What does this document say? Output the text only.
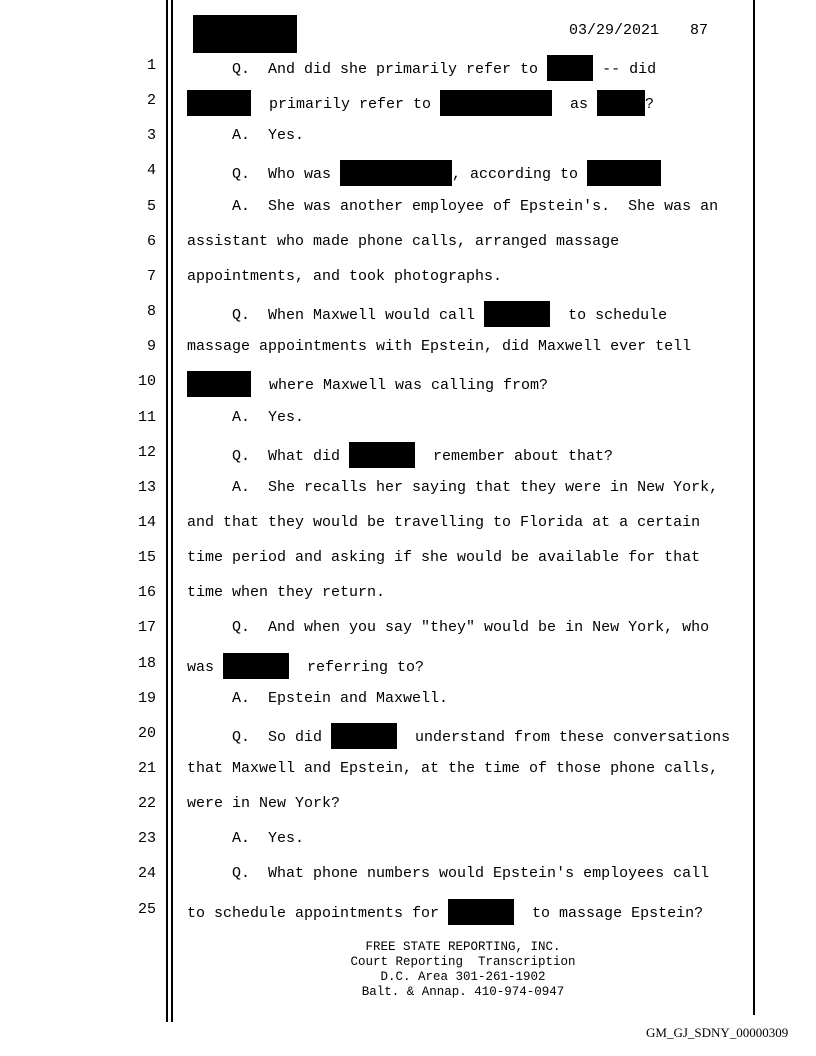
03/29/2021 87
1	Q. And did she primarily refer to	-- did
2	primarily refer to	as	?
3	A. Yes.
4	Q. Who was	, according to
5	A. She was another employee of Epstein's.  She was an
6 assistant who made phone calls, arranged massage
7 appointments, and took photographs.
8	Q. When Maxwell would call	to schedule
9 massage appointments with Epstein, did Maxwell ever tell
10	where Maxwell was calling from?
11	A. Yes.
12	Q. What did	remember about that?
13	A. She recalls her saying that they were in New York,
14 and that they would be travelling to Florida at a certain
15 time period and asking if she would be available for that
16 time when they return.
17	Q. And when you say "they" would be in New York, who
18 was	referring to?
19	A. Epstein and Maxwell.
20	Q. So did	understand from these conversations
21 that Maxwell and Epstein, at the time of those phone calls,
22 were in New York?
23	A. Yes.
24	Q. What phone numbers would Epstein's employees call
25 to schedule appointments for	to massage Epstein?
FREE STATE REPORTING, INC.
Court Reporting  Transcription
D.C. Area 301-261-1902
Balt. & Annap. 410-974-0947
GM_GJ_SDNY_00000309
